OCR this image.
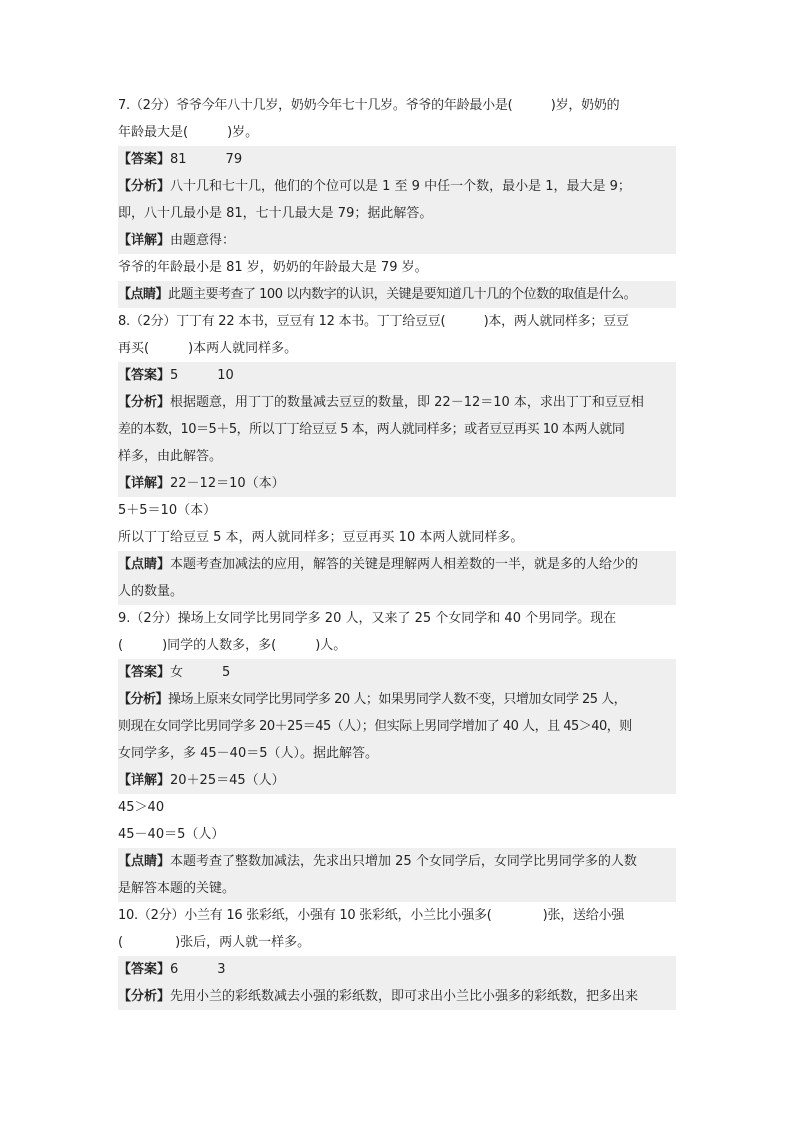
7.（2分）爷爷今年八十几岁，奶奶今年七十几岁。爷爷的年龄最小是(　　　)岁，奶奶的
年龄最大是(　　　)岁。
【答案】81　　　79
【分析】八十几和七十几，他们的个位可以是 1 至 9 中任一个数，最小是 1，最大是 9；
即，八十几最小是 81，七十几最大是 79；据此解答。
【详解】由题意得：
爷爷的年龄最小是 81 岁，奶奶的年龄最大是 79 岁。
【点睛】此题主要考查了 100 以内数字的认识，关键是要知道几十几的个位数的取值是什么。
8.（2分）丁丁有 22 本书，豆豆有 12 本书。丁丁给豆豆(　　　)本，两人就同样多；豆豆
再买(　　　)本两人就同样多。
【答案】5　　　10
【分析】根据题意，用丁丁的数量减去豆豆的数量，即 22－12＝10 本，求出丁丁和豆豆相
差的本数，10＝5＋5，所以丁丁给豆豆 5 本，两人就同样多；或者豆豆再买 10 本两人就同
样多，由此解答。
【详解】22－12＝10（本）
5＋5＝10（本）
所以丁丁给豆豆 5 本，两人就同样多；豆豆再买 10 本两人就同样多。
【点睛】本题考查加减法的应用，解答的关键是理解两人相差数的一半，就是多的人给少的
人的数量。
9.（2分）操场上女同学比男同学多 20 人，又来了 25 个女同学和 40 个男同学。现在
(　　　)同学的人数多，多(　　　)人。
【答案】女　　　5
【分析】操场上原来女同学比男同学多 20 人；如果男同学人数不变，只增加女同学 25 人，
则现在女同学比男同学多 20＋25＝45（人）；但实际上男同学增加了 40 人，且 45＞40，则
女同学多，多 45－40＝5（人）。据此解答。
【详解】20＋25＝45（人）
45＞40
45－40＝5（人）
【点睛】本题考查了整数加减法，先求出只增加 25 个女同学后，女同学比男同学多的人数
是解答本题的关键。
10.（2分）小兰有 16 张彩纸，小强有 10 张彩纸，小兰比小强多(　　　　)张，送给小强
(　　　　)张后，两人就一样多。
【答案】6　　　3
【分析】先用小兰的彩纸数减去小强的彩纸数，即可求出小兰比小强多的彩纸数，把多出来
